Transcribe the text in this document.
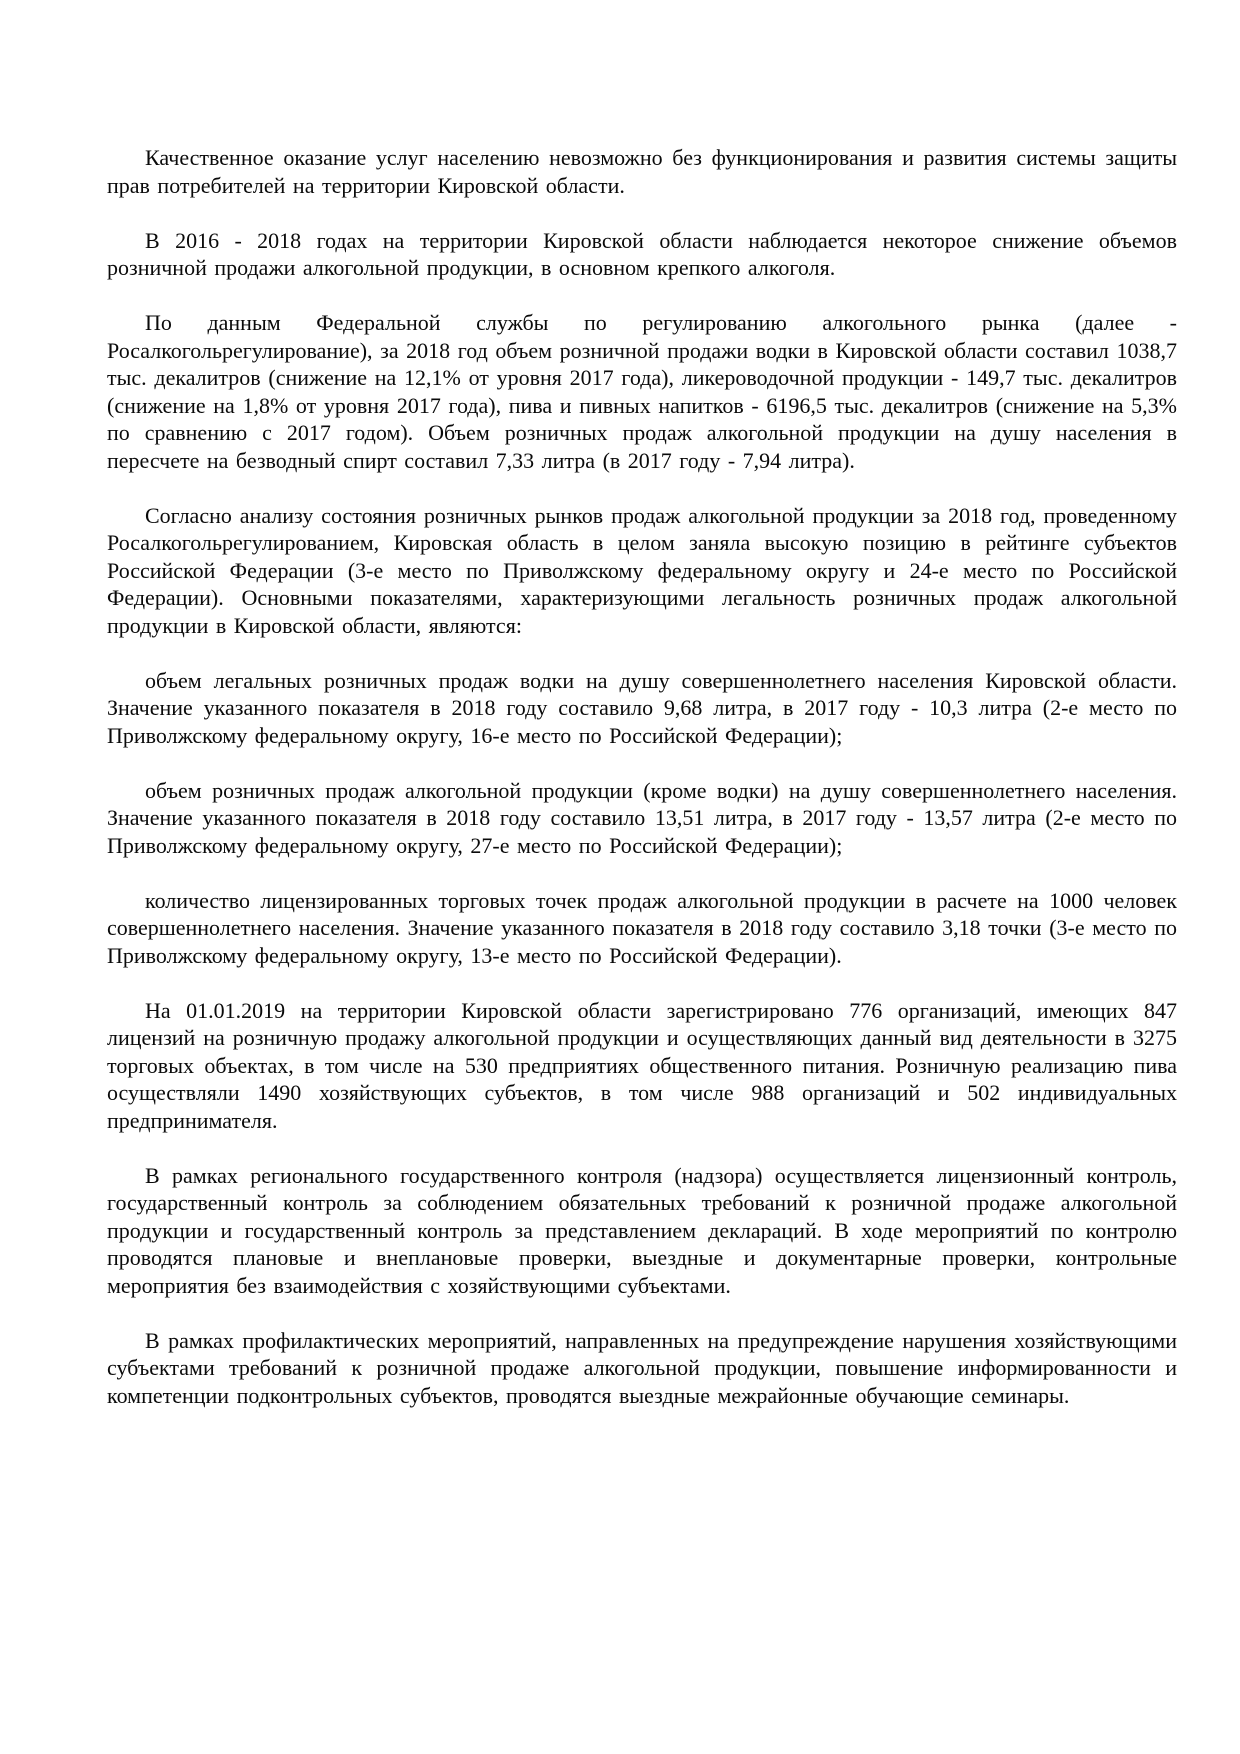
Качественное оказание услуг населению невозможно без функционирования и развития системы защиты прав потребителей на территории Кировской области.

В 2016 - 2018 годах на территории Кировской области наблюдается некоторое снижение объемов розничной продажи алкогольной продукции, в основном крепкого алкоголя.

По данным Федеральной службы по регулированию алкогольного рынка (далее - Росалкогольрегулирование), за 2018 год объем розничной продажи водки в Кировской области составил 1038,7 тыс. декалитров (снижение на 12,1% от уровня 2017 года), ликероводочной продукции - 149,7 тыс. декалитров (снижение на 1,8% от уровня 2017 года), пива и пивных напитков - 6196,5 тыс. декалитров (снижение на 5,3% по сравнению с 2017 годом). Объем розничных продаж алкогольной продукции на душу населения в пересчете на безводный спирт составил 7,33 литра (в 2017 году - 7,94 литра).

Согласно анализу состояния розничных рынков продаж алкогольной продукции за 2018 год, проведенному Росалкогольрегулированием, Кировская область в целом заняла высокую позицию в рейтинге субъектов Российской Федерации (3-е место по Приволжскому федеральному округу и 24-е место по Российской Федерации). Основными показателями, характеризующими легальность розничных продаж алкогольной продукции в Кировской области, являются:

объем легальных розничных продаж водки на душу совершеннолетнего населения Кировской области. Значение указанного показателя в 2018 году составило 9,68 литра, в 2017 году - 10,3 литра (2-е место по Приволжскому федеральному округу, 16-е место по Российской Федерации);

объем розничных продаж алкогольной продукции (кроме водки) на душу совершеннолетнего населения. Значение указанного показателя в 2018 году составило 13,51 литра, в 2017 году - 13,57 литра (2-е место по Приволжскому федеральному округу, 27-е место по Российской Федерации);

количество лицензированных торговых точек продаж алкогольной продукции в расчете на 1000 человек совершеннолетнего населения. Значение указанного показателя в 2018 году составило 3,18 точки (3-е место по Приволжскому федеральному округу, 13-е место по Российской Федерации).

На 01.01.2019 на территории Кировской области зарегистрировано 776 организаций, имеющих 847 лицензий на розничную продажу алкогольной продукции и осуществляющих данный вид деятельности в 3275 торговых объектах, в том числе на 530 предприятиях общественного питания. Розничную реализацию пива осуществляли 1490 хозяйствующих субъектов, в том числе 988 организаций и 502 индивидуальных предпринимателя.

В рамках регионального государственного контроля (надзора) осуществляется лицензионный контроль, государственный контроль за соблюдением обязательных требований к розничной продаже алкогольной продукции и государственный контроль за представлением деклараций. В ходе мероприятий по контролю проводятся плановые и внеплановые проверки, выездные и документарные проверки, контрольные мероприятия без взаимодействия с хозяйствующими субъектами.

В рамках профилактических мероприятий, направленных на предупреждение нарушения хозяйствующими субъектами требований к розничной продаже алкогольной продукции, повышение информированности и компетенции подконтрольных субъектов, проводятся выездные межрайонные обучающие семинары.
